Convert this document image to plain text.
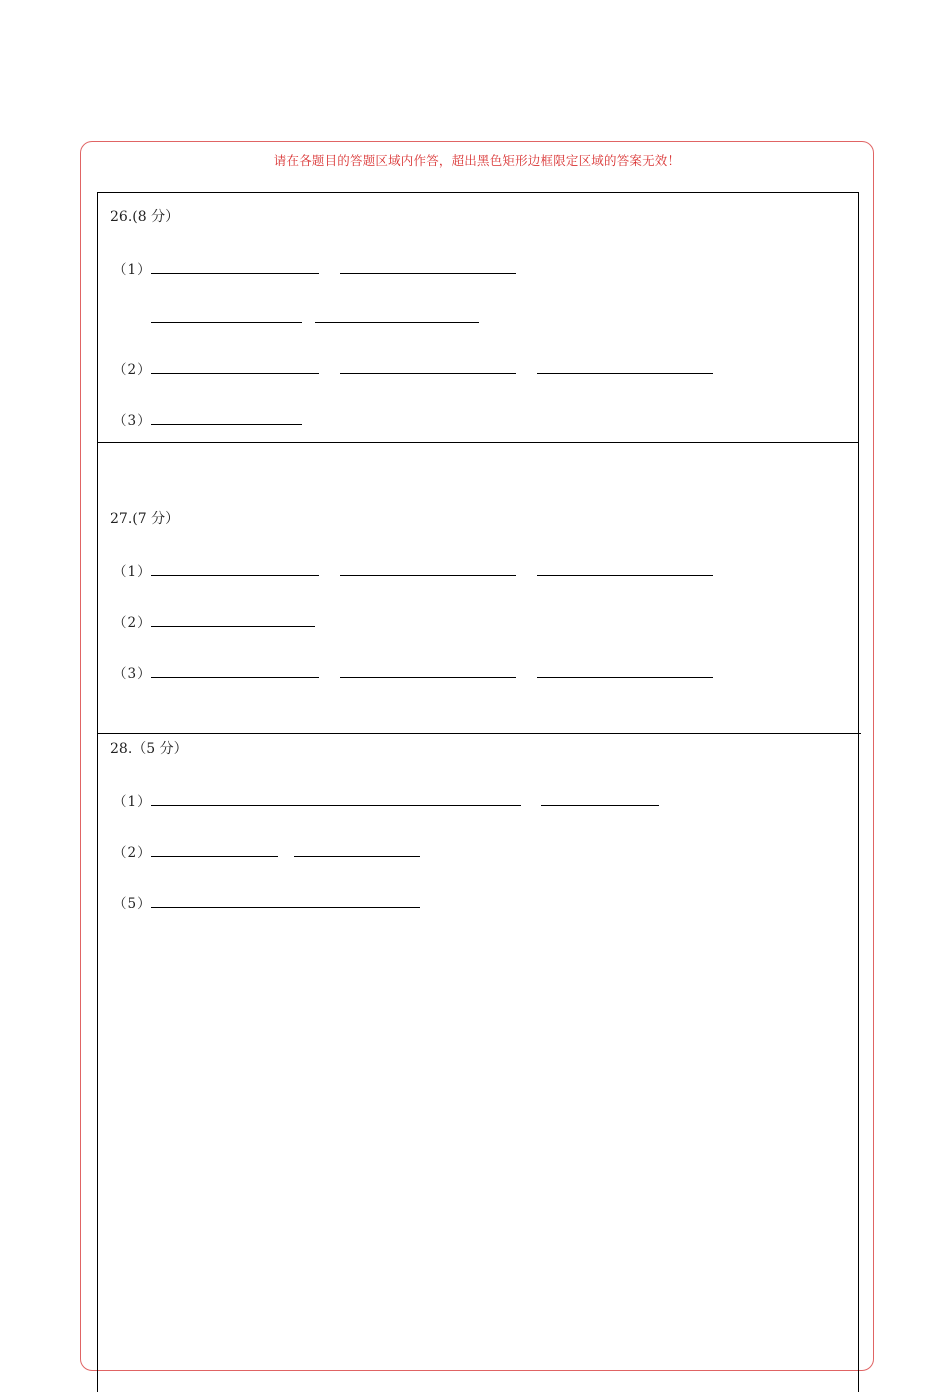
请在各题目的答题区域内作答，超出黑色矩形边框限定区域的答案无效！
26.(8 分）
（1）
（2）
（3）
27.(7 分）
（1）
（2）
（3）
28.（5 分）
（1）
（2）
（5）
